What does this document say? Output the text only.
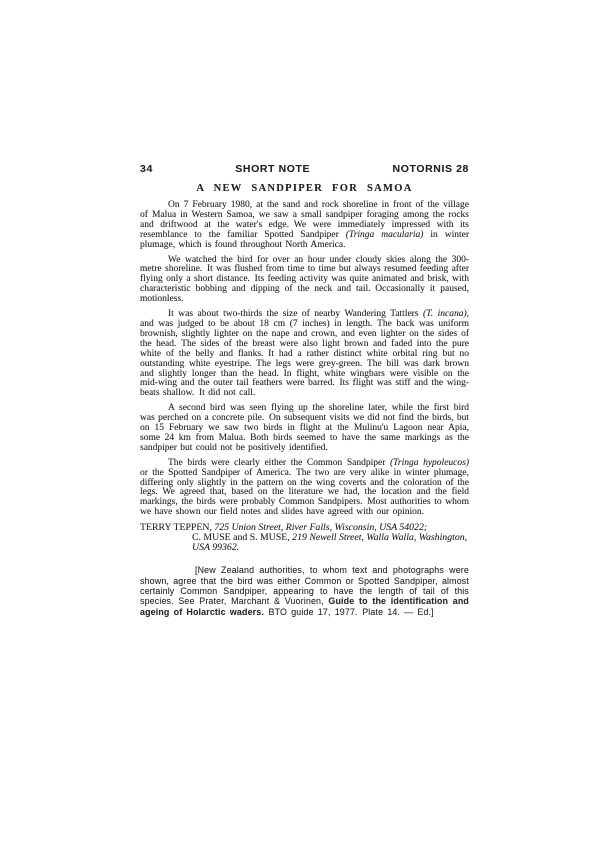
34	SHORT NOTE	NOTORNIS 28
A NEW SANDPIPER FOR SAMOA

On 7 February 1980, at the sand and rock shoreline in front of the village of Malua in Western Samoa, we saw a small sandpiper foraging among the rocks and driftwood at the water's edge. We were immediately impressed with its resemblance to the familiar Spotted Sandpiper (Tringa macularia) in winter plumage, which is found throughout North America.

We watched the bird for over an hour under cloudy skies along the 300-metre shoreline. It was flushed from time to time but always resumed feeding after flying only a short distance. Its feeding activity was quite animated and brisk, with characteristic bobbing and dipping of the neck and tail. Occasionally it paused, motionless.

It was about two-thirds the size of nearby Wandering Tattlers (T. incana), and was judged to be about 18 cm (7 inches) in length. The back was uniform brownish, slightly lighter on the nape and crown, and even lighter on the sides of the head. The sides of the breast were also light brown and faded into the pure white of the belly and flanks. It had a rather distinct white orbital ring but no outstanding white eyestripe. The legs were grey-green. The bill was dark brown and slightly longer than the head. In flight, white wingbars were visible on the mid-wing and the outer tail feathers were barred. Its flight was stiff and the wing-beats shallow. It did not call.

A second bird was seen flying up the shoreline later, while the first bird was perched on a concrete pile. On subsequent visits we did not find the birds, but on 15 February we saw two birds in flight at the Mulinu'u Lagoon near Apia, some 24 km from Malua. Both birds seemed to have the same markings as the sandpiper but could not be positively identified.

The birds were clearly either the Common Sandpiper (Tringa hypoleucos) or the Spotted Sandpiper of America. The two are very alike in winter plumage, differing only slightly in the pattern on the wing coverts and the coloration of the legs. We agreed that, based on the literature we had, the location and the field markings, the birds were probably Common Sandpipers. Most authorities to whom we have shown our field notes and slides have agreed with our opinion.

TERRY TEPPEN, 725 Union Street, River Falls, Wisconsin, USA 54022;
C. MUSE and S. MUSE, 219 Newell Street, Walla Walla, Washington, USA 99362.
[New Zealand authorities, to whom text and photographs were shown, agree that the bird was either Common or Spotted Sandpiper, almost certainly Common Sandpiper, appearing to have the length of tail of this species. See Prater, Marchant & Vuorinen, Guide to the identification and ageing of Holarctic waders. BTO guide 17, 1977. Plate 14. — Ed.]
